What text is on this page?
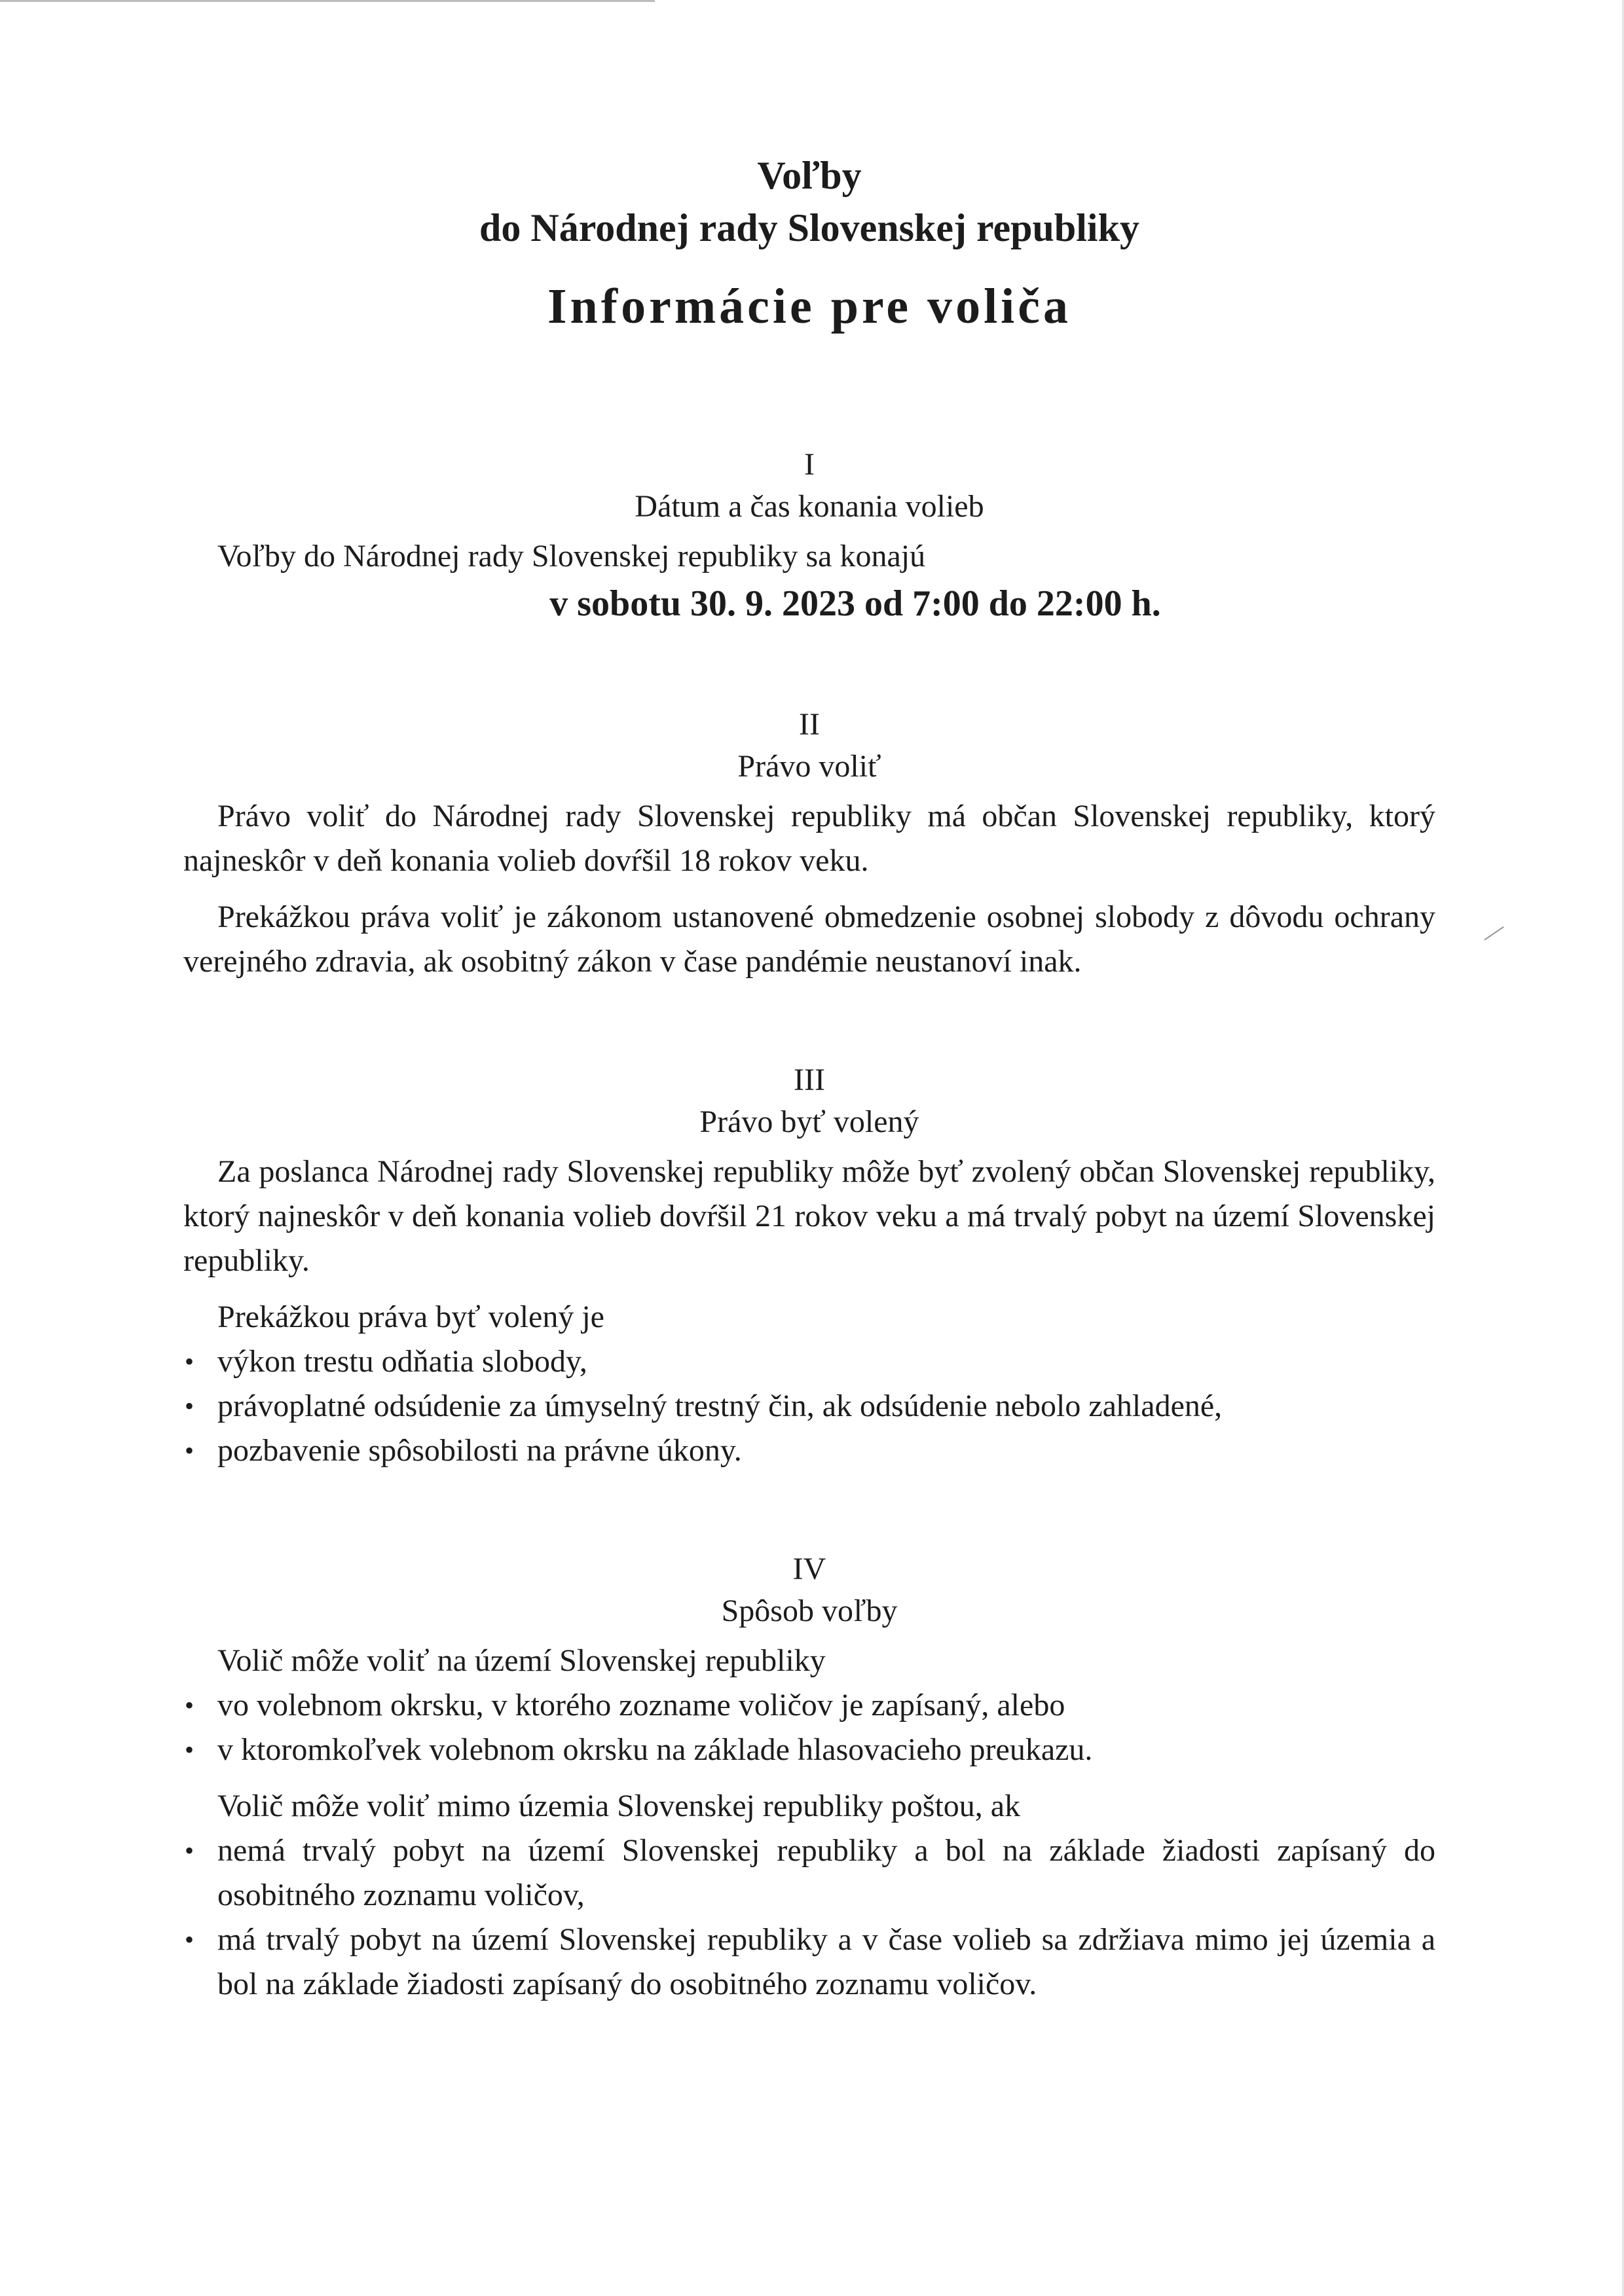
⁄

Voľby

do Národnej rady Slovenskej republiky

Informácie pre voliča

I

Dátum a čas konania volieb

Voľby do Národnej rady Slovenskej republiky sa konajú

v sobotu 30. 9. 2023 od 7:00 do 22:00 h.

II

Právo voliť

Právo voliť do Národnej rady Slovenskej republiky má občan Slovenskej republiky, ktorý najneskôr v deň konania volieb dovŕšil 18 rokov veku.

Prekážkou práva voliť je zákonom ustanovené obmedzenie osobnej slobody z dôvodu ochrany verejného zdravia, ak osobitný zákon v čase pandémie neustanoví inak.

III

Právo byť volený

Za poslanca Národnej rady Slovenskej republiky môže byť zvolený občan Slovenskej republiky, ktorý najneskôr v deň konania volieb dovŕšil 21 rokov veku a má trvalý pobyt na území Slovenskej republiky.

Prekážkou práva byť volený je

• výkon trestu odňatia slobody,
• právoplatné odsúdenie za úmyselný trestný čin, ak odsúdenie nebolo zahladené,
• pozbavenie spôsobilosti na právne úkony.

IV

Spôsob voľby

Volič môže voliť na území Slovenskej republiky

• vo volebnom okrsku, v ktorého zozname voličov je zapísaný, alebo
• v ktoromkoľvek volebnom okrsku na základe hlasovacieho preukazu.

Volič môže voliť mimo územia Slovenskej republiky poštou, ak

• nemá trvalý pobyt na území Slovenskej republiky a bol na základe žiadosti zapísaný do osobitného zoznamu voličov,
• má trvalý pobyt na území Slovenskej republiky a v čase volieb sa zdržiava mimo jej územia a bol na základe žiadosti zapísaný do osobitného zoznamu voličov.
